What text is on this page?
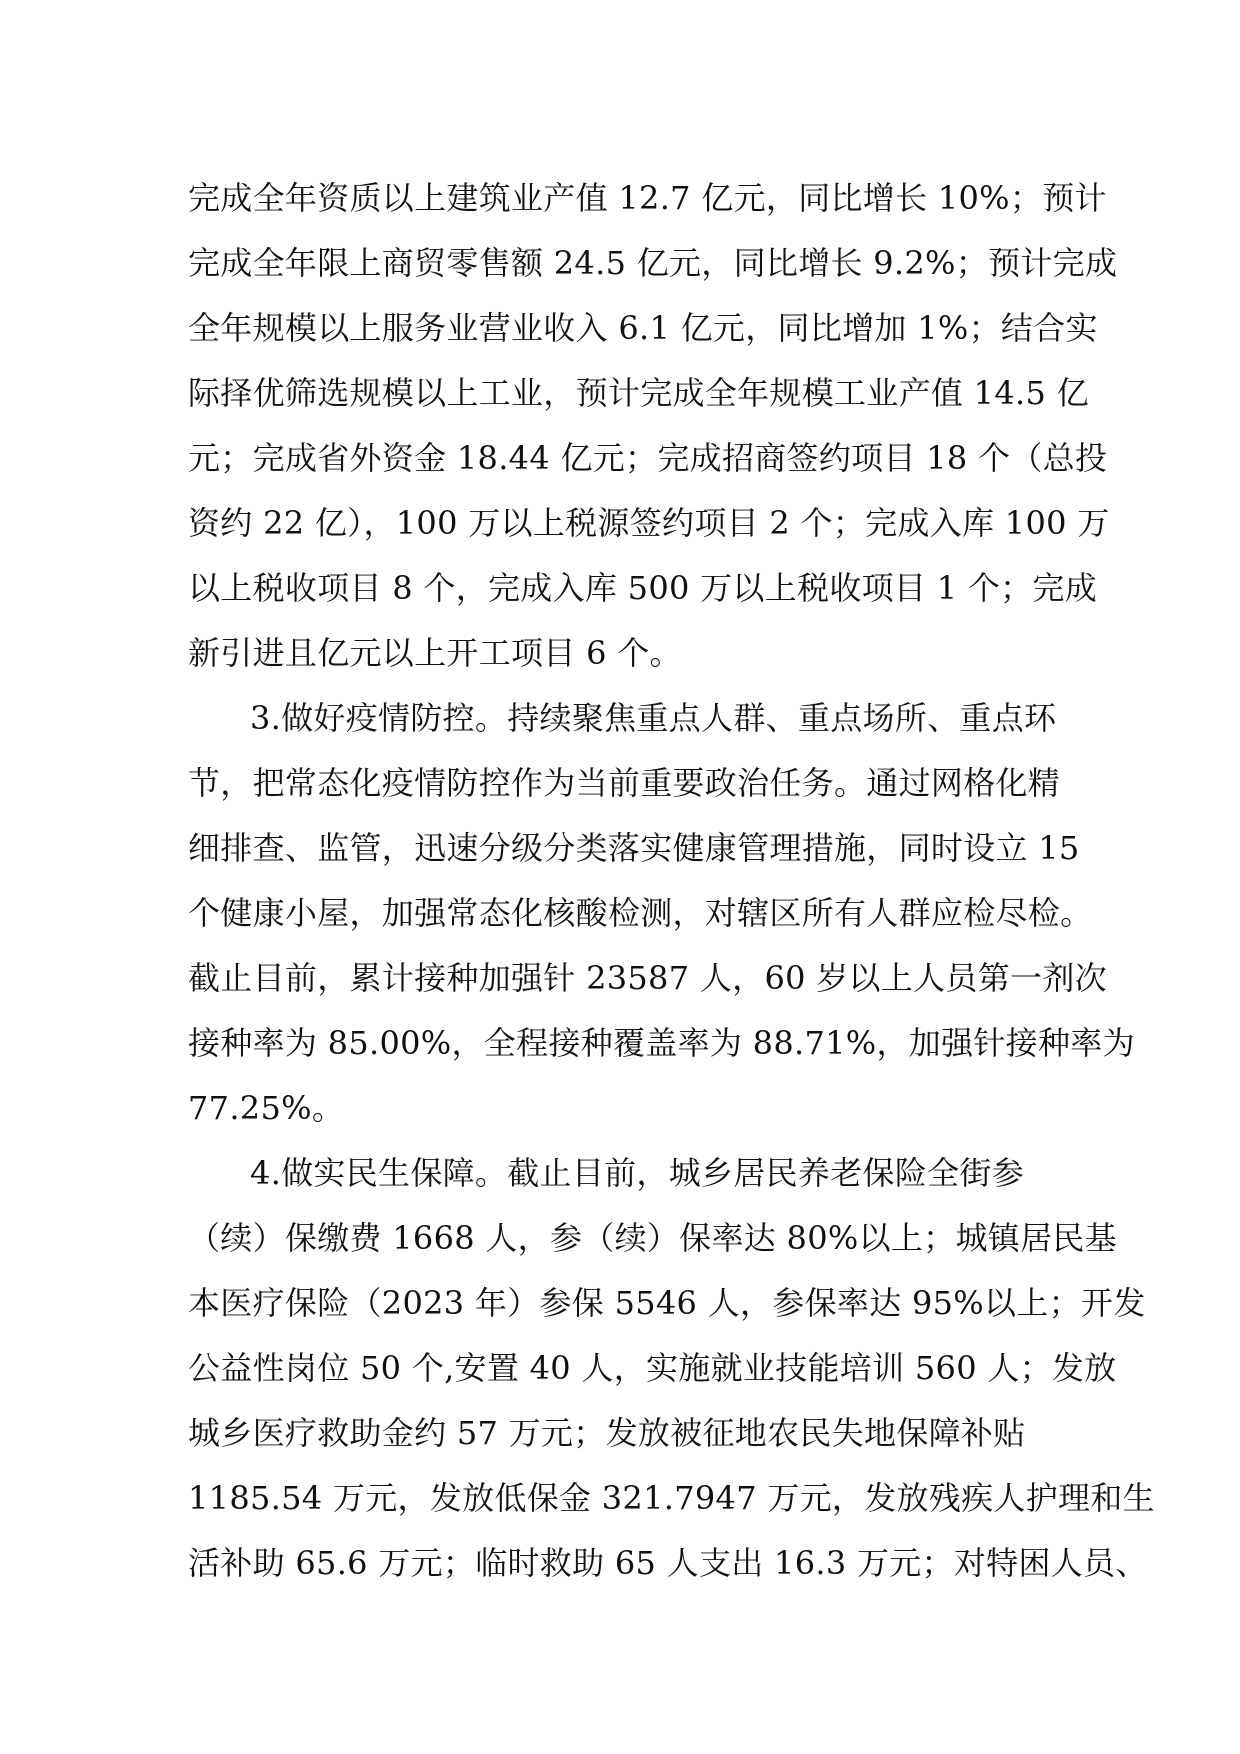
完成全年资质以上建筑业产值 12.7 亿元，同比增长 10%；预计
完成全年限上商贸零售额 24.5 亿元，同比增长 9.2%；预计完成
全年规模以上服务业营业收入 6.1 亿元，同比增加 1%；结合实
际择优筛选规模以上工业，预计完成全年规模工业产值 14.5 亿
元；完成省外资金 18.44 亿元；完成招商签约项目 18 个（总投
资约 22 亿），100 万以上税源签约项目 2 个；完成入库 100 万
以上税收项目 8 个，完成入库 500 万以上税收项目 1 个；完成
新引进且亿元以上开工项目 6 个。
3.做好疫情防控。持续聚焦重点人群、重点场所、重点环
节，把常态化疫情防控作为当前重要政治任务。通过网格化精
细排查、监管，迅速分级分类落实健康管理措施，同时设立 15
个健康小屋，加强常态化核酸检测，对辖区所有人群应检尽检。
截止目前，累计接种加强针 23587 人，60 岁以上人员第一剂次
接种率为 85.00%，全程接种覆盖率为 88.71%，加强针接种率为
77.25%。
4.做实民生保障。截止目前，城乡居民养老保险全街参
（续）保缴费 1668 人，参（续）保率达 80%以上；城镇居民基
本医疗保险（2023 年）参保 5546 人，参保率达 95%以上；开发
公益性岗位 50 个,安置 40 人，实施就业技能培训 560 人；发放
城乡医疗救助金约 57 万元；发放被征地农民失地保障补贴
1185.54 万元，发放低保金 321.7947 万元，发放残疾人护理和生
活补助 65.6 万元；临时救助 65 人支出 16.3 万元；对特困人员、
